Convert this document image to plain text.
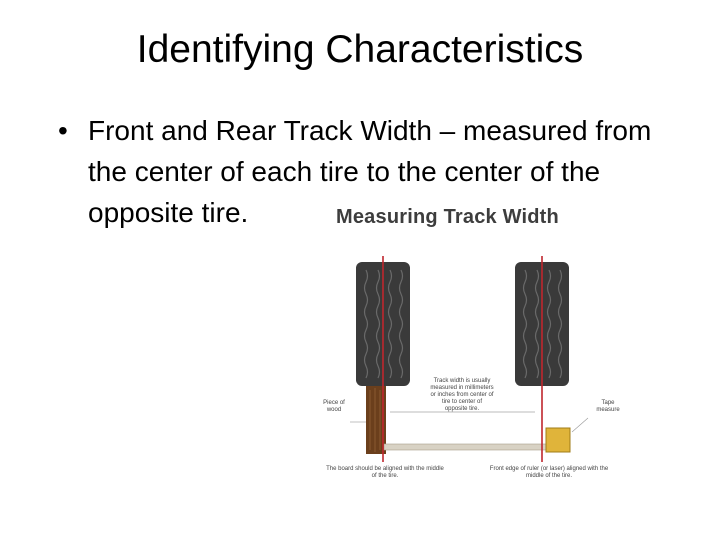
Identifying Characteristics
• Front and Rear Track Width – measured from the center of each tire to the center of the opposite tire.	Measuring Track Width
Track width is usually measured in millimeters or inches from center of tire to center of opposite tire.
Piece of wood
Tape measure
The board should be aligned with the middle of the tire.
Front edge of ruler (or laser) aligned with the middle of the tire.
